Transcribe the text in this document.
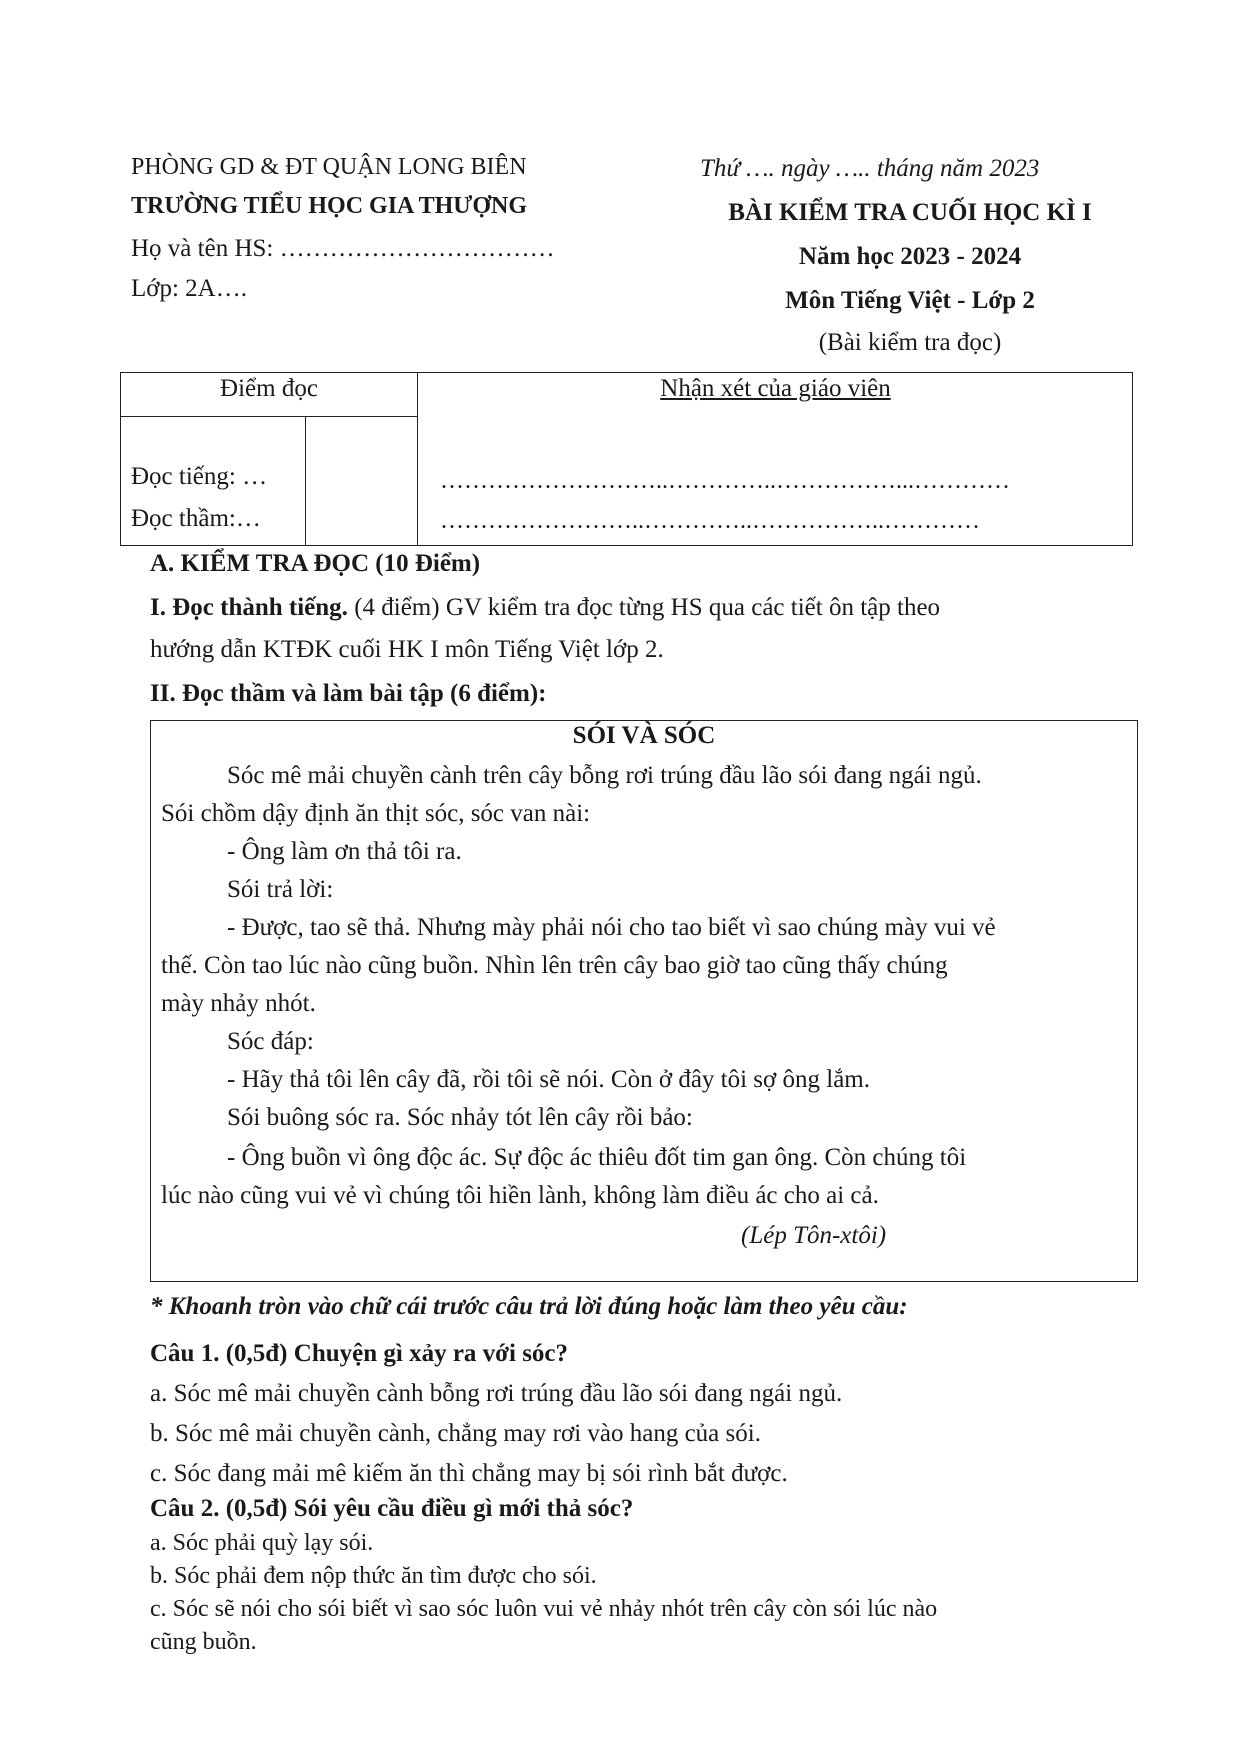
PHÒNG GD & ĐT QUẬN LONG BIÊN
TRƯỜNG TIỂU HỌC GIA THƯỢNG
Họ và tên HS: ……………………………
Lớp: 2A….
Thứ …. ngày ….. tháng năm 2023
BÀI KIỂM TRA CUỐI HỌC KÌ I
Năm học 2023 - 2024
Môn Tiếng Việt - Lớp 2
(Bài kiểm tra đọc)
Điểm đọc
Đọc tiếng: …
Đọc thầm:…
Nhận xét của giáo viên
………………………..…………..……………...…………
……………………..…………..……………..…………
A. KIỂM TRA ĐỌC (10 Điểm)
I. Đọc thành tiếng. (4 điểm) GV kiểm tra đọc từng HS qua các tiết ôn tập theo
hướng dẫn KTĐK cuối HK I môn Tiếng Việt lớp 2.
II. Đọc thầm và làm bài tập (6 điểm):
SÓI VÀ SÓC
Sóc mê mải chuyền cành trên cây bỗng rơi trúng đầu lão sói đang ngái ngủ.
Sói chồm dậy định ăn thịt sóc, sóc van nài:
- Ông làm ơn thả tôi ra.
Sói trả lời:
- Được, tao sẽ thả. Nhưng mày phải nói cho tao biết vì sao chúng mày vui vẻ
thế. Còn tao lúc nào cũng buồn. Nhìn lên trên cây bao giờ tao cũng thấy chúng
mày nhảy nhót.
Sóc đáp:
- Hãy thả tôi lên cây đã, rồi tôi sẽ nói. Còn ở đây tôi sợ ông lắm.
Sói buông sóc ra. Sóc nhảy tót lên cây rồi bảo:
- Ông buồn vì ông độc ác. Sự độc ác thiêu đốt tim gan ông. Còn chúng tôi
lúc nào cũng vui vẻ vì chúng tôi hiền lành, không làm điều ác cho ai cả.
(Lép Tôn-xtôi)
* Khoanh tròn vào chữ cái trước câu trả lời đúng hoặc làm theo yêu cầu:
Câu 1. (0,5đ) Chuyện gì xảy ra với sóc?
a. Sóc mê mải chuyền cành bỗng rơi trúng đầu lão sói đang ngái ngủ.
b. Sóc mê mải chuyền cành, chẳng may rơi vào hang của sói.
c. Sóc đang mải mê kiếm ăn thì chẳng may bị sói rình bắt được.
Câu 2. (0,5đ) Sói yêu cầu điều gì mới thả sóc?
a. Sóc phải quỳ lạy sói.
b. Sóc phải đem nộp thức ăn tìm được cho sói.
c. Sóc sẽ nói cho sói biết vì sao sóc luôn vui vẻ nhảy nhót trên cây còn sói lúc nào
cũng buồn.
